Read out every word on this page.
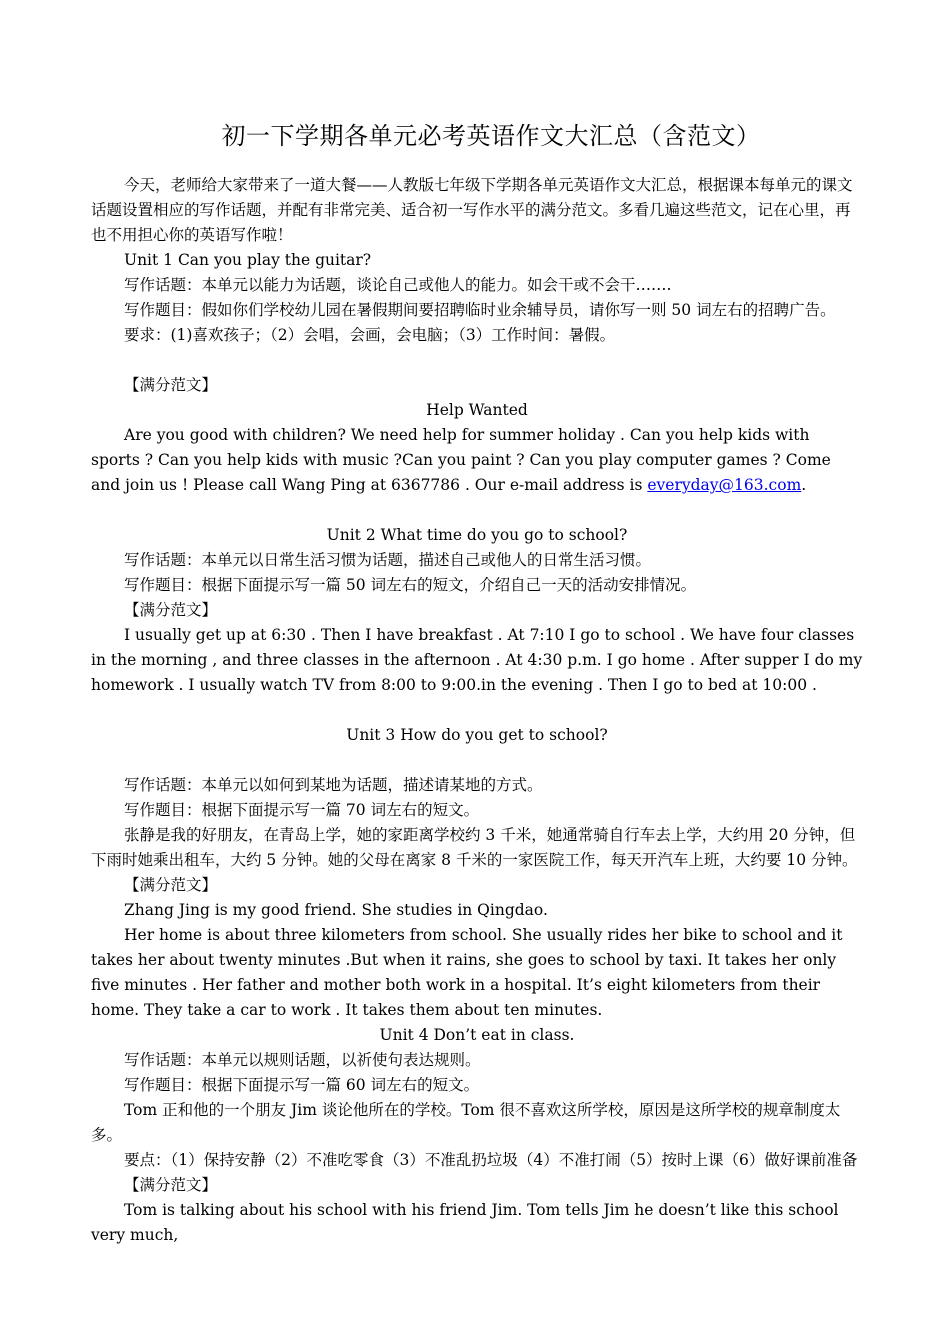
初一下学期各单元必考英语作文大汇总（含范文）

今天，老师给大家带来了一道大餐——人教版七年级下学期各单元英语作文大汇总，根据课本每单元的课文话题设置相应的写作话题，并配有非常完美、适合初一写作水平的满分范文。多看几遍这些范文，记在心里，再也不用担心你的英语写作啦！

Unit 1 Can you play the guitar?

写作话题：本单元以能力为话题，谈论自己或他人的能力。如会干或不会干…….

写作题目：假如你们学校幼儿园在暑假期间要招聘临时业余辅导员，请你写一则 50 词左右的招聘广告。

要求：(1)喜欢孩子；（2）会唱，会画，会电脑；（3）工作时间：暑假。

【满分范文】

Help Wanted

Are you good with children? We need help for summer holiday . Can you help kids with sports ? Can you help kids with music ?Can you paint ? Can you play computer games ? Come and join us ! Please call Wang Ping at 6367786 . Our e-mail address is everyday@163.com.

Unit 2 What time do you go to school?

写作话题：本单元以日常生活习惯为话题，描述自己或他人的日常生活习惯。

写作题目：根据下面提示写一篇 50 词左右的短文，介绍自己一天的活动安排情况。

【满分范文】

I usually get up at 6:30 . Then I have breakfast . At 7:10 I go to school . We have four classes in the morning , and three classes in the afternoon . At 4:30 p.m. I go home . After supper I do my homework . I usually watch TV from 8:00 to 9:00.in the evening . Then I go to bed at 10:00 .

Unit 3 How do you get to school?

写作话题：本单元以如何到某地为话题，描述请某地的方式。

写作题目：根据下面提示写一篇 70 词左右的短文。

张静是我的好朋友，在青岛上学，她的家距离学校约 3 千米，她通常骑自行车去上学，大约用 20 分钟，但下雨时她乘出租车，大约 5 分钟。她的父母在离家 8 千米的一家医院工作，每天开汽车上班，大约要 10 分钟。

【满分范文】

Zhang Jing is my good friend. She studies in Qingdao.

Her home is about three kilometers from school. She usually rides her bike to school and it takes her about twenty minutes .But when it rains, she goes to school by taxi. It takes her only five minutes . Her father and mother both work in a hospital. It’s eight kilometers from their home. They take a car to work . It takes them about ten minutes.

Unit 4 Don’t eat in class.

写作话题：本单元以规则话题，以祈使句表达规则。

写作题目：根据下面提示写一篇 60 词左右的短文。

Tom 正和他的一个朋友 Jim 谈论他所在的学校。Tom 很不喜欢这所学校，原因是这所学校的规章制度太多。

要点：（1）保持安静（2）不准吃零食（3）不准乱扔垃圾（4）不准打闹（5）按时上课（6）做好课前准备

【满分范文】

Tom is talking about his school with his friend Jim. Tom tells Jim he doesn’t like this school very much,
